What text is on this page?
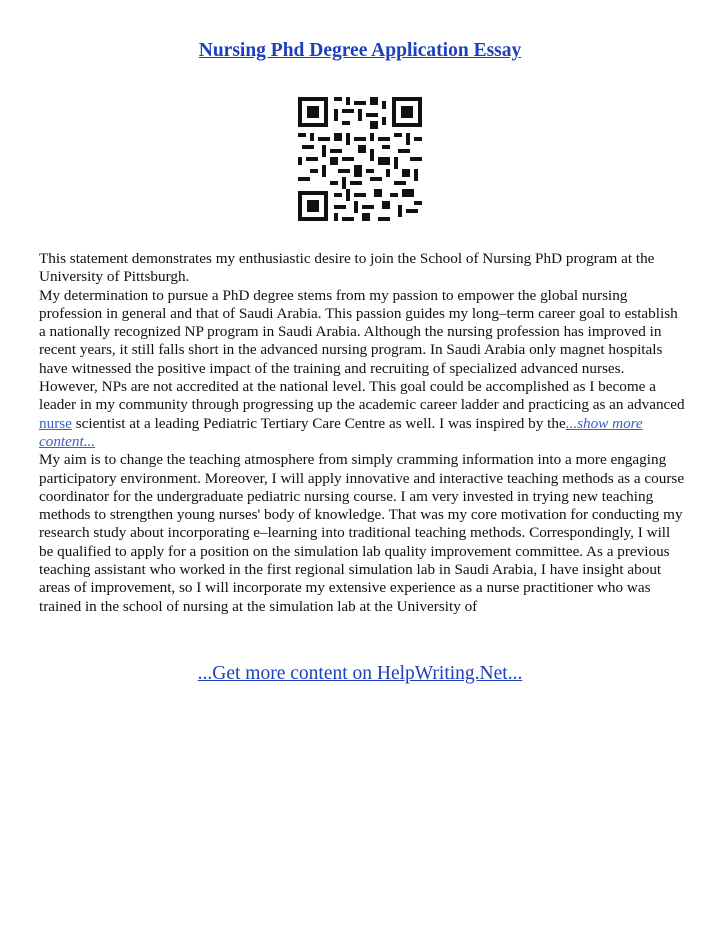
Nursing Phd Degree Application Essay

This statement demonstrates my enthusiastic desire to join the School of Nursing PhD program at the University of Pittsburgh.

My determination to pursue a PhD degree stems from my passion to empower the global nursing profession in general and that of Saudi Arabia. This passion guides my long–term career goal to establish a nationally recognized NP program in Saudi Arabia. Although the nursing profession has improved in recent years, it still falls short in the advanced nursing program. In Saudi Arabia only magnet hospitals have witnessed the positive impact of the training and recruiting of specialized advanced nurses. However, NPs are not accredited at the national level. This goal could be accomplished as I become a leader in my community through progressing up the academic career ladder and practicing as an advanced nurse scientist at a leading Pediatric Tertiary Care Centre as well. I was inspired by the...show more content...

My aim is to change the teaching atmosphere from simply cramming information into a more engaging participatory environment. Moreover, I will apply innovative and interactive teaching methods as a course coordinator for the undergraduate pediatric nursing course. I am very invested in trying new teaching methods to strengthen young nurses' body of knowledge. That was my core motivation for conducting my research study about incorporating e–learning into traditional teaching methods. Correspondingly, I will be qualified to apply for a position on the simulation lab quality improvement committee. As a previous teaching assistant who worked in the first regional simulation lab in Saudi Arabia, I have insight about areas of improvement, so I will incorporate my extensive experience as a nurse practitioner who was trained in the school of nursing at the simulation lab at the University of

...Get more content on HelpWriting.Net...
